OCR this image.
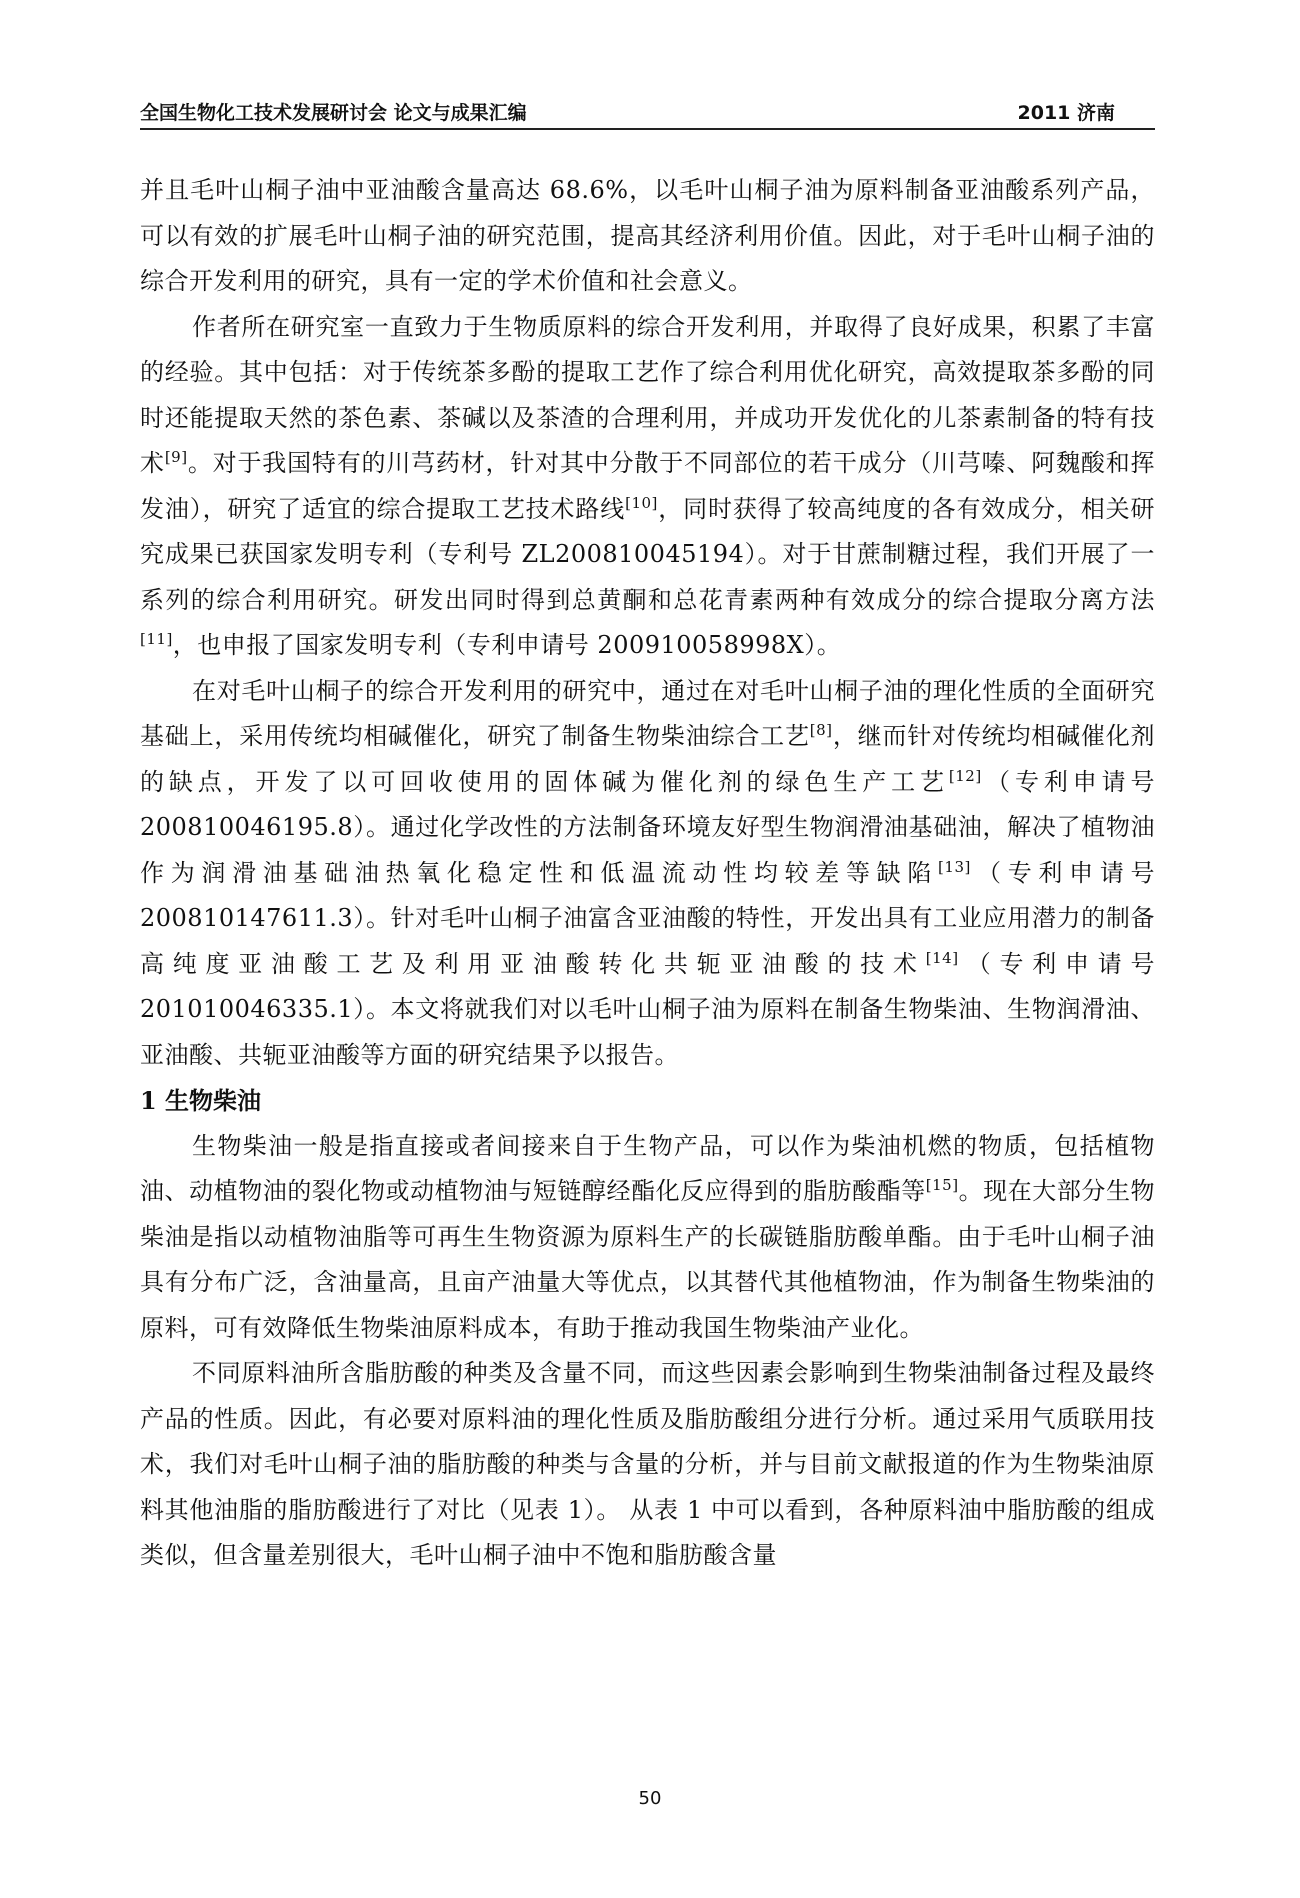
全国生物化工技术发展研讨会 论文与成果汇编	2011 济南

并且毛叶山桐子油中亚油酸含量高达 68.6%，以毛叶山桐子油为原料制备亚油酸系列产品，可以有效的扩展毛叶山桐子油的研究范围，提高其经济利用价值。因此，对于毛叶山桐子油的综合开发利用的研究，具有一定的学术价值和社会意义。

作者所在研究室一直致力于生物质原料的综合开发利用，并取得了良好成果，积累了丰富的经验。其中包括：对于传统茶多酚的提取工艺作了综合利用优化研究，高效提取茶多酚的同时还能提取天然的茶色素、茶碱以及茶渣的合理利用，并成功开发优化的儿茶素制备的特有技术[9]。对于我国特有的川芎药材，针对其中分散于不同部位的若干成分（川芎嗪、阿魏酸和挥发油），研究了适宜的综合提取工艺技术路线[10]，同时获得了较高纯度的各有效成分，相关研究成果已获国家发明专利（专利号 ZL200810045194）。对于甘蔗制糖过程，我们开展了一系列的综合利用研究。研发出同时得到总黄酮和总花青素两种有效成分的综合提取分离方法[11]，也申报了国家发明专利（专利申请号 200910058998X）。

在对毛叶山桐子的综合开发利用的研究中，通过在对毛叶山桐子油的理化性质的全面研究基础上，采用传统均相碱催化，研究了制备生物柴油综合工艺[8]，继而针对传统均相碱催化剂的缺点，开发了以可回收使用的固体碱为催化剂的绿色生产工艺[12]（专利申请号 200810046195.8）。通过化学改性的方法制备环境友好型生物润滑油基础油，解决了植物油作为润滑油基础油热氧化稳定性和低温流动性均较差等缺陷[13]（专利申请号 200810147611.3）。针对毛叶山桐子油富含亚油酸的特性，开发出具有工业应用潜力的制备高纯度亚油酸工艺及利用亚油酸转化共轭亚油酸的技术[14]（专利申请号 201010046335.1）。本文将就我们对以毛叶山桐子油为原料在制备生物柴油、生物润滑油、亚油酸、共轭亚油酸等方面的研究结果予以报告。

1 生物柴油

生物柴油一般是指直接或者间接来自于生物产品，可以作为柴油机燃的物质，包括植物油、动植物油的裂化物或动植物油与短链醇经酯化反应得到的脂肪酸酯等[15]。现在大部分生物柴油是指以动植物油脂等可再生生物资源为原料生产的长碳链脂肪酸单酯。由于毛叶山桐子油具有分布广泛，含油量高，且亩产油量大等优点，以其替代其他植物油，作为制备生物柴油的原料，可有效降低生物柴油原料成本，有助于推动我国生物柴油产业化。

不同原料油所含脂肪酸的种类及含量不同，而这些因素会影响到生物柴油制备过程及最终产品的性质。因此，有必要对原料油的理化性质及脂肪酸组分进行分析。通过采用气质联用技术，我们对毛叶山桐子油的脂肪酸的种类与含量的分析，并与目前文献报道的作为生物柴油原料其他油脂的脂肪酸进行了对比（见表 1）。 从表 1 中可以看到，各种原料油中脂肪酸的组成类似，但含量差别很大，毛叶山桐子油中不饱和脂肪酸含量

50
